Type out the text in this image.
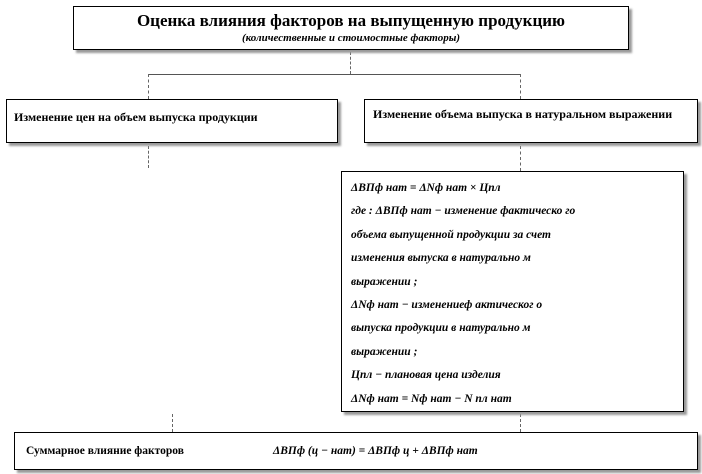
Оценка влияния факторов на выпущенную продукцию
(количественные и стоимостные факторы)
Изменение цен на объем выпуска продукции	Изменение объема выпуска в натуральном выражении
ΔВПф нат = ΔNф нат × Цпл
где : ΔВПф нат − изменение фактическо го
объема выпущенной продукции за счет
изменения выпуска в натурально м
выражении ;
ΔNф нат − изменениеф актическог о
выпуска продукции в натурально м
выражении ;
Цпл − плановая цена изделия
ΔNф нат = Nф нат − N пл нат
Суммарное влияние факторов	ΔВПф (ц − нат) = ΔВПф ц + ΔВПф нат
